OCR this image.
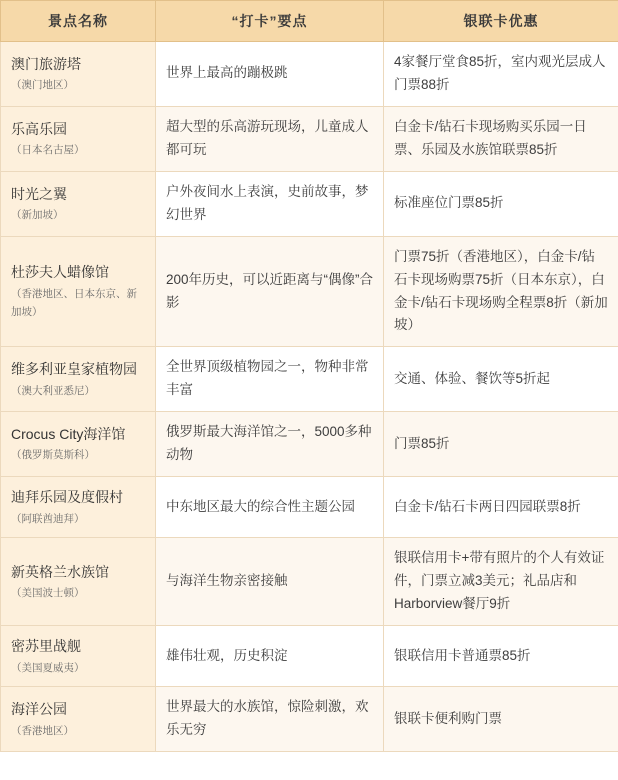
景点名称	“打卡”要点	银联卡优惠

澳门旅游塔
（澳门地区）	世界上最高的蹦极跳	4家餐厅堂食85折，室内观光层成人门票88折

乐高乐园
（日本名古屋）	超大型的乐高游玩现场，儿童成人都可玩	白金卡/钻石卡现场购买乐园一日票、乐园及水族馆联票85折

时光之翼
（新加坡）	户外夜间水上表演，史前故事，梦幻世界	标准座位门票85折

杜莎夫人蜡像馆
（香港地区、日本东京、新加坡）	200年历史，可以近距离与“偶像”合影	门票75折（香港地区），白金卡/钻石卡现场购票75折（日本东京），白金卡/钻石卡现场购全程票8折（新加坡）

维多利亚皇家植物园
（澳大利亚悉尼）	全世界顶级植物园之一，物种非常丰富	交通、体验、餐饮等5折起

Crocus City海洋馆
（俄罗斯莫斯科）	俄罗斯最大海洋馆之一，5000多种动物	门票85折

迪拜乐园及度假村
（阿联酋迪拜）	中东地区最大的综合性主题公园	白金卡/钻石卡两日四园联票8折

新英格兰水族馆
（美国波士顿）	与海洋生物亲密接触	银联信用卡+带有照片的个人有效证件，门票立减3美元；礼品店和Harborview餐厅9折

密苏里战舰
（美国夏威夷）	雄伟壮观，历史积淀	银联信用卡普通票85折

海洋公园
（香港地区）	世界最大的水族馆，惊险刺激，欢乐无穷	银联卡便利购门票
